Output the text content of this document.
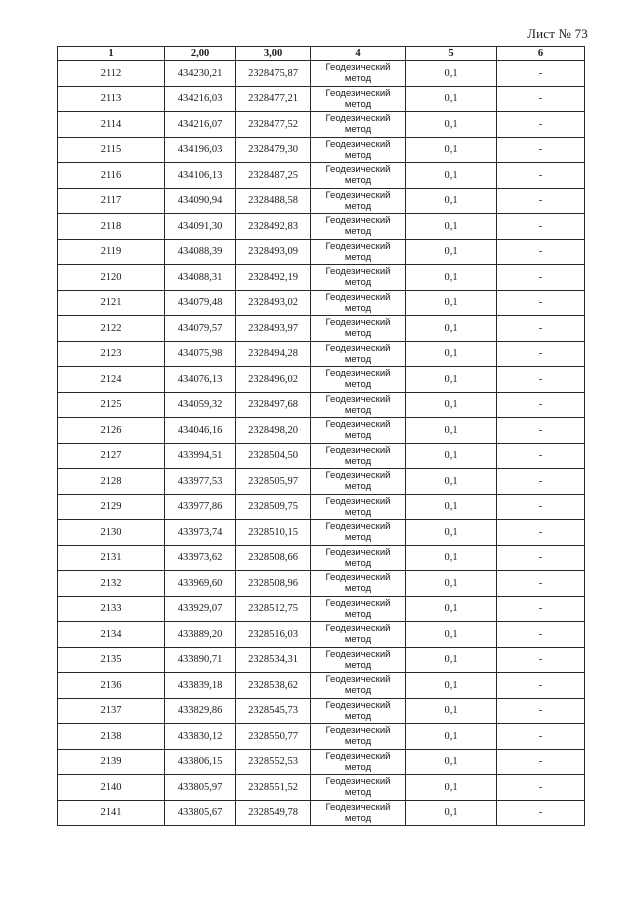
Лист № 73
1	2,00	3,00	4	5	6
2112	434230,21	2328475,87	Геодезический
метод	0,1	-
2113	434216,03	2328477,21	Геодезический
метод	0,1	-
2114	434216,07	2328477,52	Геодезический
метод	0,1	-
2115	434196,03	2328479,30	Геодезический
метод	0,1	-
2116	434106,13	2328487,25	Геодезический
метод	0,1	-
2117	434090,94	2328488,58	Геодезический
метод	0,1	-
2118	434091,30	2328492,83	Геодезический
метод	0,1	-
2119	434088,39	2328493,09	Геодезический
метод	0,1	-
2120	434088,31	2328492,19	Геодезический
метод	0,1	-
2121	434079,48	2328493,02	Геодезический
метод	0,1	-
2122	434079,57	2328493,97	Геодезический
метод	0,1	-
2123	434075,98	2328494,28	Геодезический
метод	0,1	-
2124	434076,13	2328496,02	Геодезический
метод	0,1	-
2125	434059,32	2328497,68	Геодезический
метод	0,1	-
2126	434046,16	2328498,20	Геодезический
метод	0,1	-
2127	433994,51	2328504,50	Геодезический
метод	0,1	-
2128	433977,53	2328505,97	Геодезический
метод	0,1	-
2129	433977,86	2328509,75	Геодезический
метод	0,1	-
2130	433973,74	2328510,15	Геодезический
метод	0,1	-
2131	433973,62	2328508,66	Геодезический
метод	0,1	-
2132	433969,60	2328508,96	Геодезический
метод	0,1	-
2133	433929,07	2328512,75	Геодезический
метод	0,1	-
2134	433889,20	2328516,03	Геодезический
метод	0,1	-
2135	433890,71	2328534,31	Геодезический
метод	0,1	-
2136	433839,18	2328538,62	Геодезический
метод	0,1	-
2137	433829,86	2328545,73	Геодезический
метод	0,1	-
2138	433830,12	2328550,77	Геодезический
метод	0,1	-
2139	433806,15	2328552,53	Геодезический
метод	0,1	-
2140	433805,97	2328551,52	Геодезический
метод	0,1	-
2141	433805,67	2328549,78	Геодезический
метод	0,1	-
